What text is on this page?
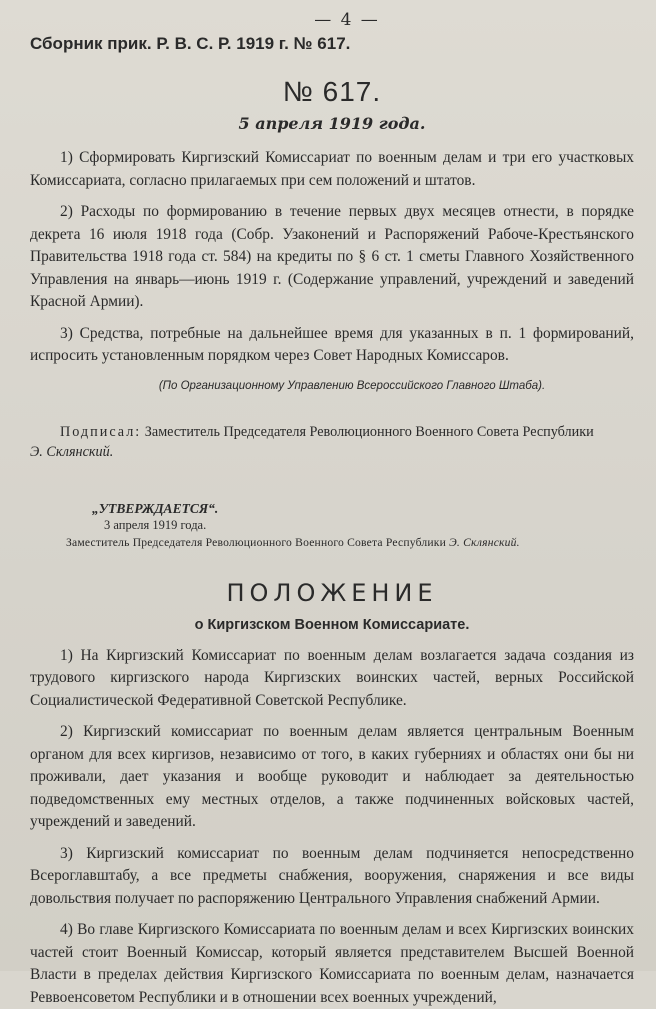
— 4 —
Сборник прик. Р. В. С. Р. 1919 г. № 617.
№ 617.
5 апреля 1919 года.

1) Сформировать Киргизский Комиссариат по военным делам и три его участковых Комиссариата, согласно прилагаемых при сем положений и штатов.

2) Расходы по формированию в течение первых двух месяцев отнести, в порядке декрета 16 июля 1918 года (Собр. Узаконений и Распоряжений Рабоче-Крестьянского Правительства 1918 года ст. 584) на кредиты по § 6 ст. 1 сметы Главного Хозяйственного Управления на январь—июнь 1919 г. (Содержание управлений, учреждений и заведений Красной Армии).

3) Средства, потребные на дальнейшее время для указанных в п. 1 формирований, испросить установленным порядком через Совет Народных Комиссаров.

(По Организационному Управлению Всероссийского Главного Штаба).
Подписал: Заместитель Председателя Революционного Военного Совета Республики
Э. Склянский.
„УТВЕРЖДАЕТСЯ“.
3 апреля 1919 года.
Заместитель Председателя Революционного Военного Совета Республики Э. Склянский.
ПОЛОЖЕНИЕ
о Киргизском Военном Комиссариате.

1) На Киргизский Комиссариат по военным делам возлагается задача создания из трудового киргизского народа Киргизских воинских частей, верных Российской Социалистической Федеративной Советской Республике.

2) Киргизский комиссариат по военным делам является центральным Военным органом для всех киргизов, независимо от того, в каких губерниях и областях они бы ни проживали, дает указания и вообще руководит и наблюдает за деятельностью подведомственных ему местных отделов, а также подчиненных войсковых частей, учреждений и заведений.

3) Киргизский комиссариат по военным делам подчиняется непосредственно Всероглавштабу, а все предметы снабжения, вооружения, снаряжения и все виды довольствия получает по распоряжению Центрального Управления снабжений Армии.

4) Во главе Киргизского Комиссариата по военным делам и всех Киргизских воинских частей стоит Военный Комиссар, который является представителем Высшей Военной Власти в пределах действия Киргизского Комиссариата по военным делам, назначается Реввоенсоветом Республики и в отношении всех военных учреждений,
